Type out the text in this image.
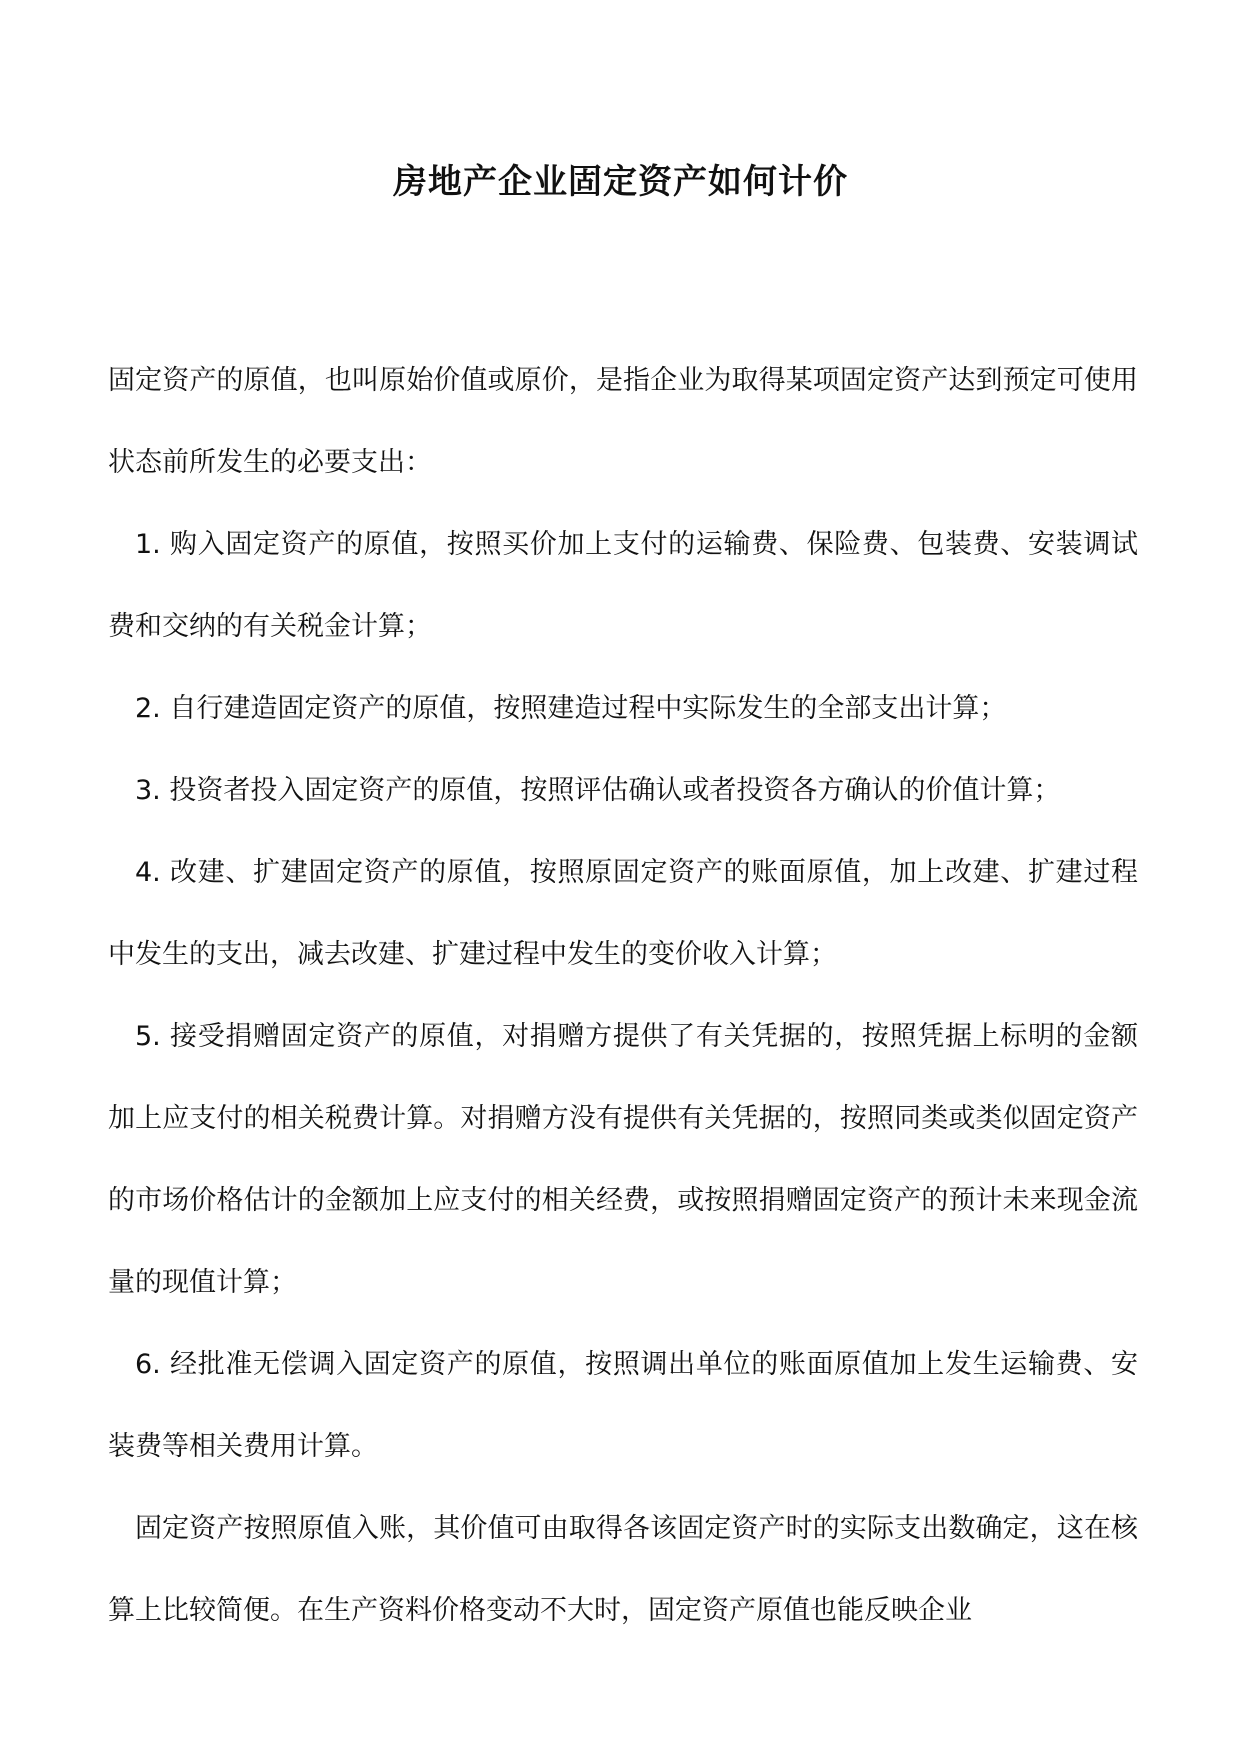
房地产企业固定资产如何计价

固定资产的原值，也叫原始价值或原价，是指企业为取得某项固定资产达到预定可使用状态前所发生的必要支出：

1. 购入固定资产的原值，按照买价加上支付的运输费、保险费、包装费、安装调试费和交纳的有关税金计算；

2. 自行建造固定资产的原值，按照建造过程中实际发生的全部支出计算；

3. 投资者投入固定资产的原值，按照评估确认或者投资各方确认的价值计算；

4. 改建、扩建固定资产的原值，按照原固定资产的账面原值，加上改建、扩建过程中发生的支出，减去改建、扩建过程中发生的变价收入计算；

5. 接受捐赠固定资产的原值，对捐赠方提供了有关凭据的，按照凭据上标明的金额加上应支付的相关税费计算。对捐赠方没有提供有关凭据的，按照同类或类似固定资产的市场价格估计的金额加上应支付的相关经费，或按照捐赠固定资产的预计未来现金流量的现值计算；

6. 经批准无偿调入固定资产的原值，按照调出单位的账面原值加上发生运输费、安装费等相关费用计算。

固定资产按照原值入账，其价值可由取得各该固定资产时的实际支出数确定，这在核算上比较简便。在生产资料价格变动不大时，固定资产原值也能反映企业
